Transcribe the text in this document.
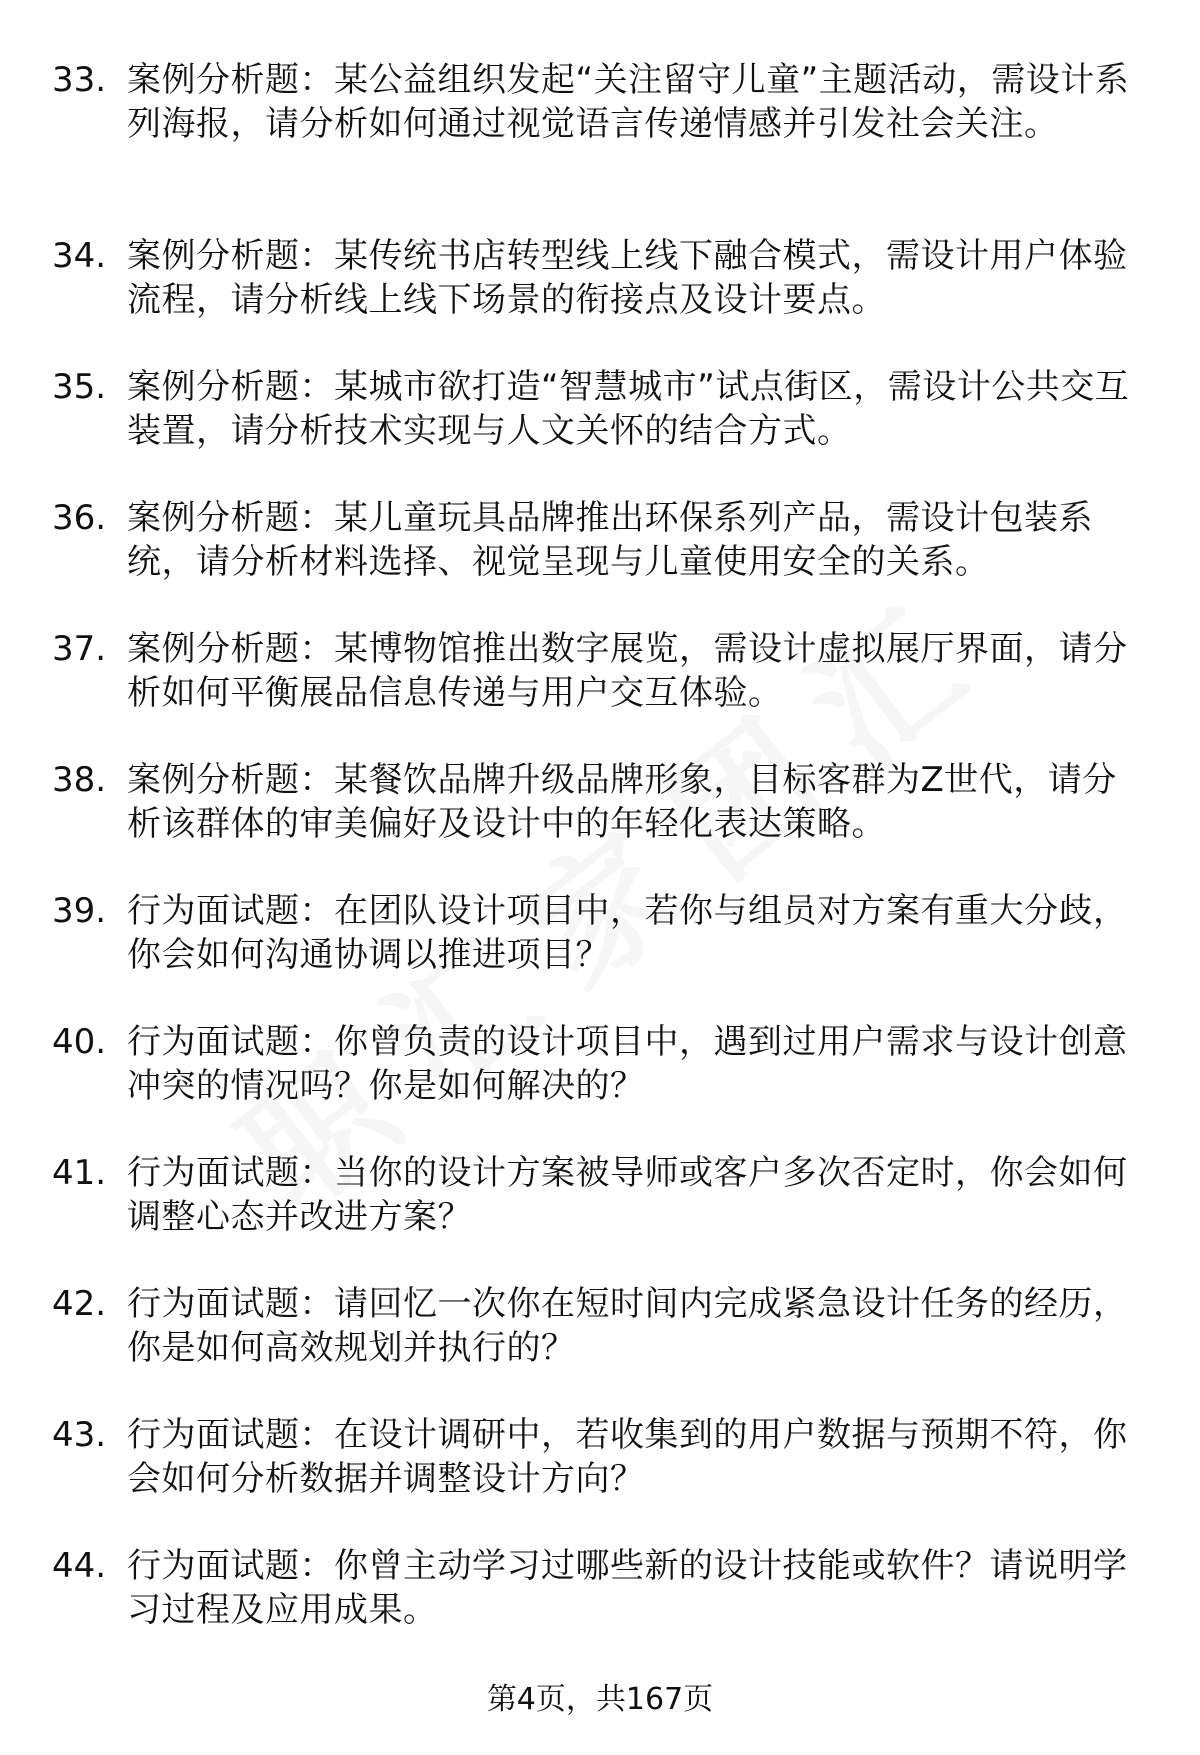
33. 案例分析题：某公益组织发起“关注留守儿童”主题活动，需设计系列海报，请分析如何通过视觉语言传递情感并引发社会关注。
34. 案例分析题：某传统书店转型线上线下融合模式，需设计用户体验流程，请分析线上线下场景的衔接点及设计要点。
35. 案例分析题：某城市欲打造“智慧城市”试点街区，需设计公共交互装置，请分析技术实现与人文关怀的结合方式。
36. 案例分析题：某儿童玩具品牌推出环保系列产品，需设计包装系统，请分析材料选择、视觉呈现与儿童使用安全的关系。
37. 案例分析题：某博物馆推出数字展览，需设计虚拟展厅界面，请分析如何平衡展品信息传递与用户交互体验。
38. 案例分析题：某餐饮品牌升级品牌形象，目标客群为Z世代，请分析该群体的审美偏好及设计中的年轻化表达策略。
39. 行为面试题：在团队设计项目中，若你与组员对方案有重大分歧，你会如何沟通协调以推进项目？
40. 行为面试题：你曾负责的设计项目中，遇到过用户需求与设计创意冲突的情况吗？你是如何解决的？
41. 行为面试题：当你的设计方案被导师或客户多次否定时，你会如何调整心态并改进方案？
42. 行为面试题：请回忆一次你在短时间内完成紧急设计任务的经历，你是如何高效规划并执行的？
43. 行为面试题：在设计调研中，若收集到的用户数据与预期不符，你会如何分析数据并调整设计方向？
44. 行为面试题：你曾主动学习过哪些新的设计技能或软件？请说明学习过程及应用成果。
第4页，共167页
